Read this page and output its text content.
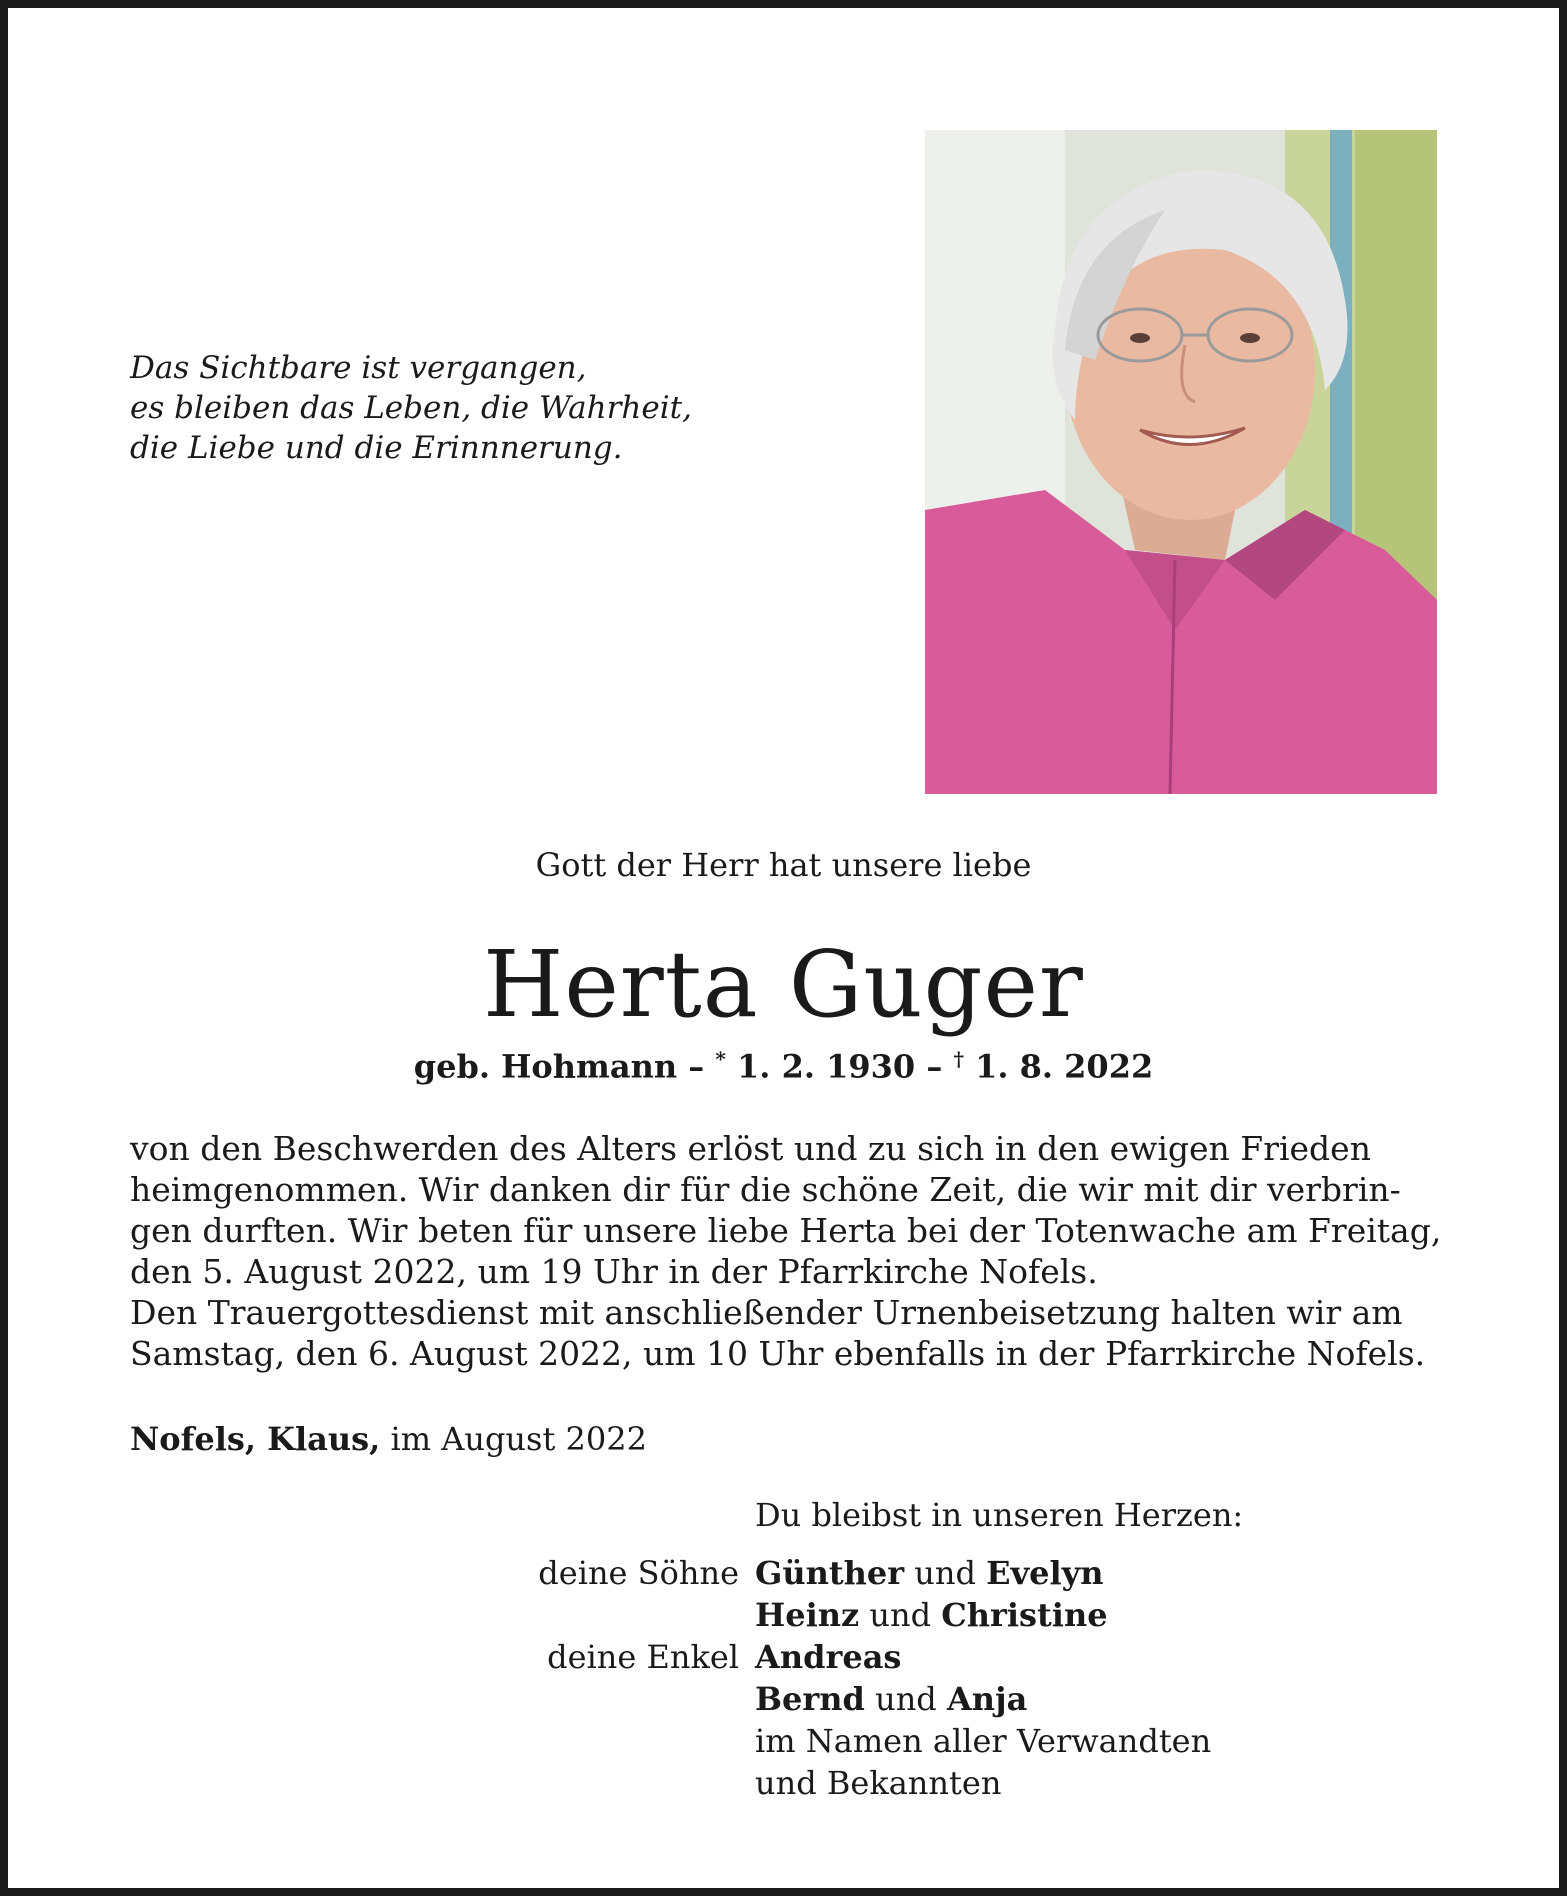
Das Sichtbare ist vergangen,
es bleiben das Leben, die Wahrheit,
die Liebe und die Erinnnerung.
Gott der Herr hat unsere liebe
Herta Guger
geb. Hohmann – * 1. 2. 1930 – † 1. 8. 2022
von den Beschwerden des Alters erlöst und zu sich in den ewigen Frieden
heimgenommen. Wir danken dir für die schöne Zeit, die wir mit dir verbrin-
gen durften. Wir beten für unsere liebe Herta bei der Totenwache am Freitag,
den 5. August 2022, um 19 Uhr in der Pfarrkirche Nofels.
Den Trauergottesdienst mit anschließender Urnenbeisetzung halten wir am
Samstag, den 6. August 2022, um 10 Uhr ebenfalls in der Pfarrkirche Nofels.
Nofels, Klaus, im August 2022
Du bleibst in unseren Herzen:
deine Söhne Günther und Evelyn
Heinz und Christine
deine Enkel Andreas
Bernd und Anja
im Namen aller Verwandten
und Bekannten
